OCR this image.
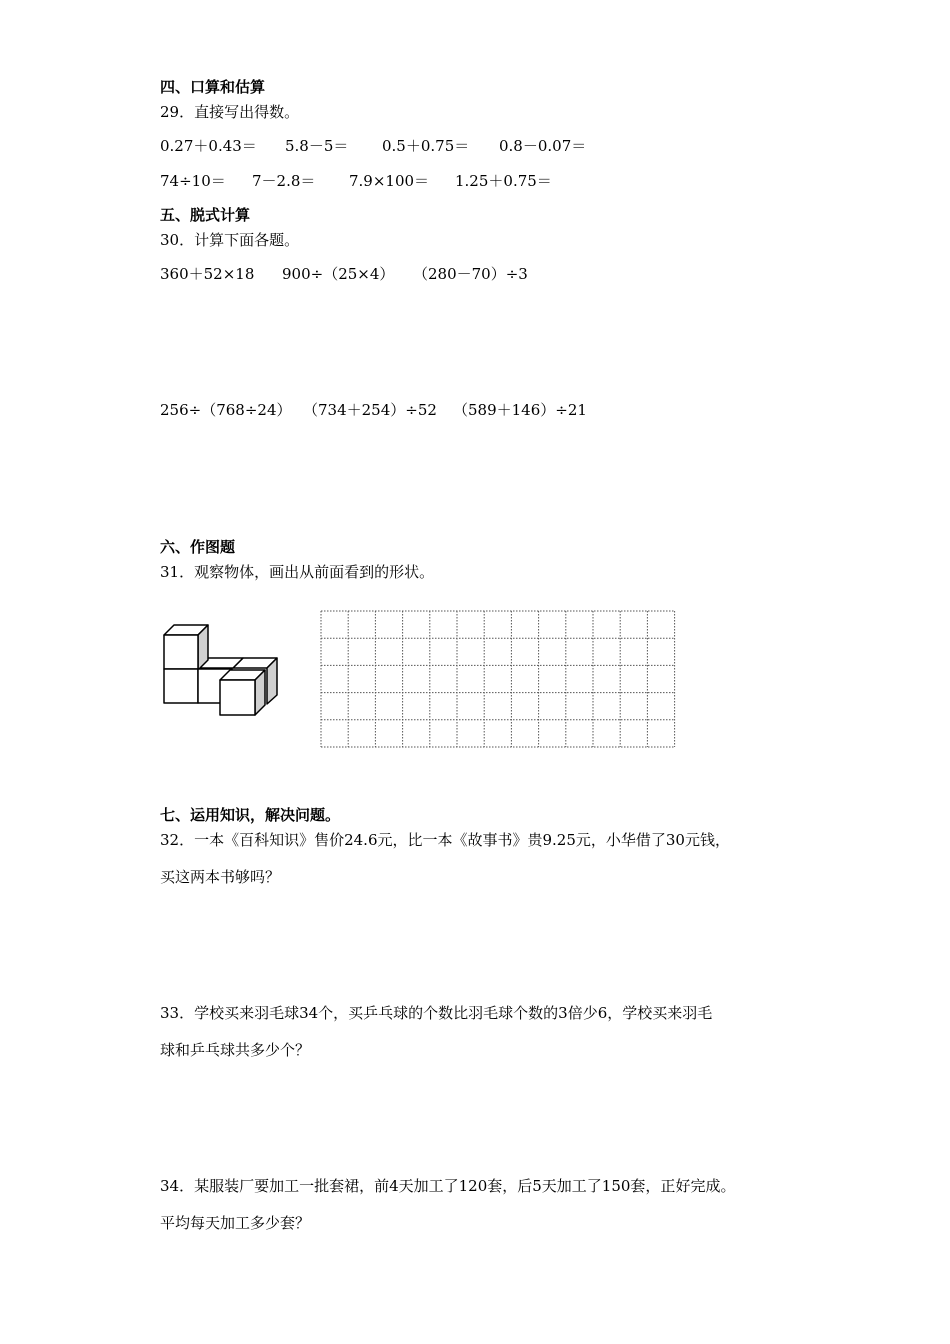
四、口算和估算
29．直接写出得数。
0.27＋0.43＝ 5.8－5＝ 0.5＋0.75＝ 0.8－0.07＝
74÷10＝ 7－2.8＝ 7.9×100＝ 1.25＋0.75＝
五、脱式计算
30．计算下面各题。
360＋52×18 900÷（25×4） （280－70）÷3
256÷（768÷24） （734＋254）÷52 （589＋146）÷21
六、作图题
31．观察物体，画出从前面看到的形状。
七、运用知识，解决问题。
32．一本《百科知识》售价24.6元，比一本《故事书》贵9.25元，小华借了30元钱，
买这两本书够吗？
33．学校买来羽毛球34个，买乒乓球的个数比羽毛球个数的3倍少6，学校买来羽毛
球和乒乓球共多少个？
34．某服装厂要加工一批套裙，前4天加工了120套，后5天加工了150套，正好完成。
平均每天加工多少套？
